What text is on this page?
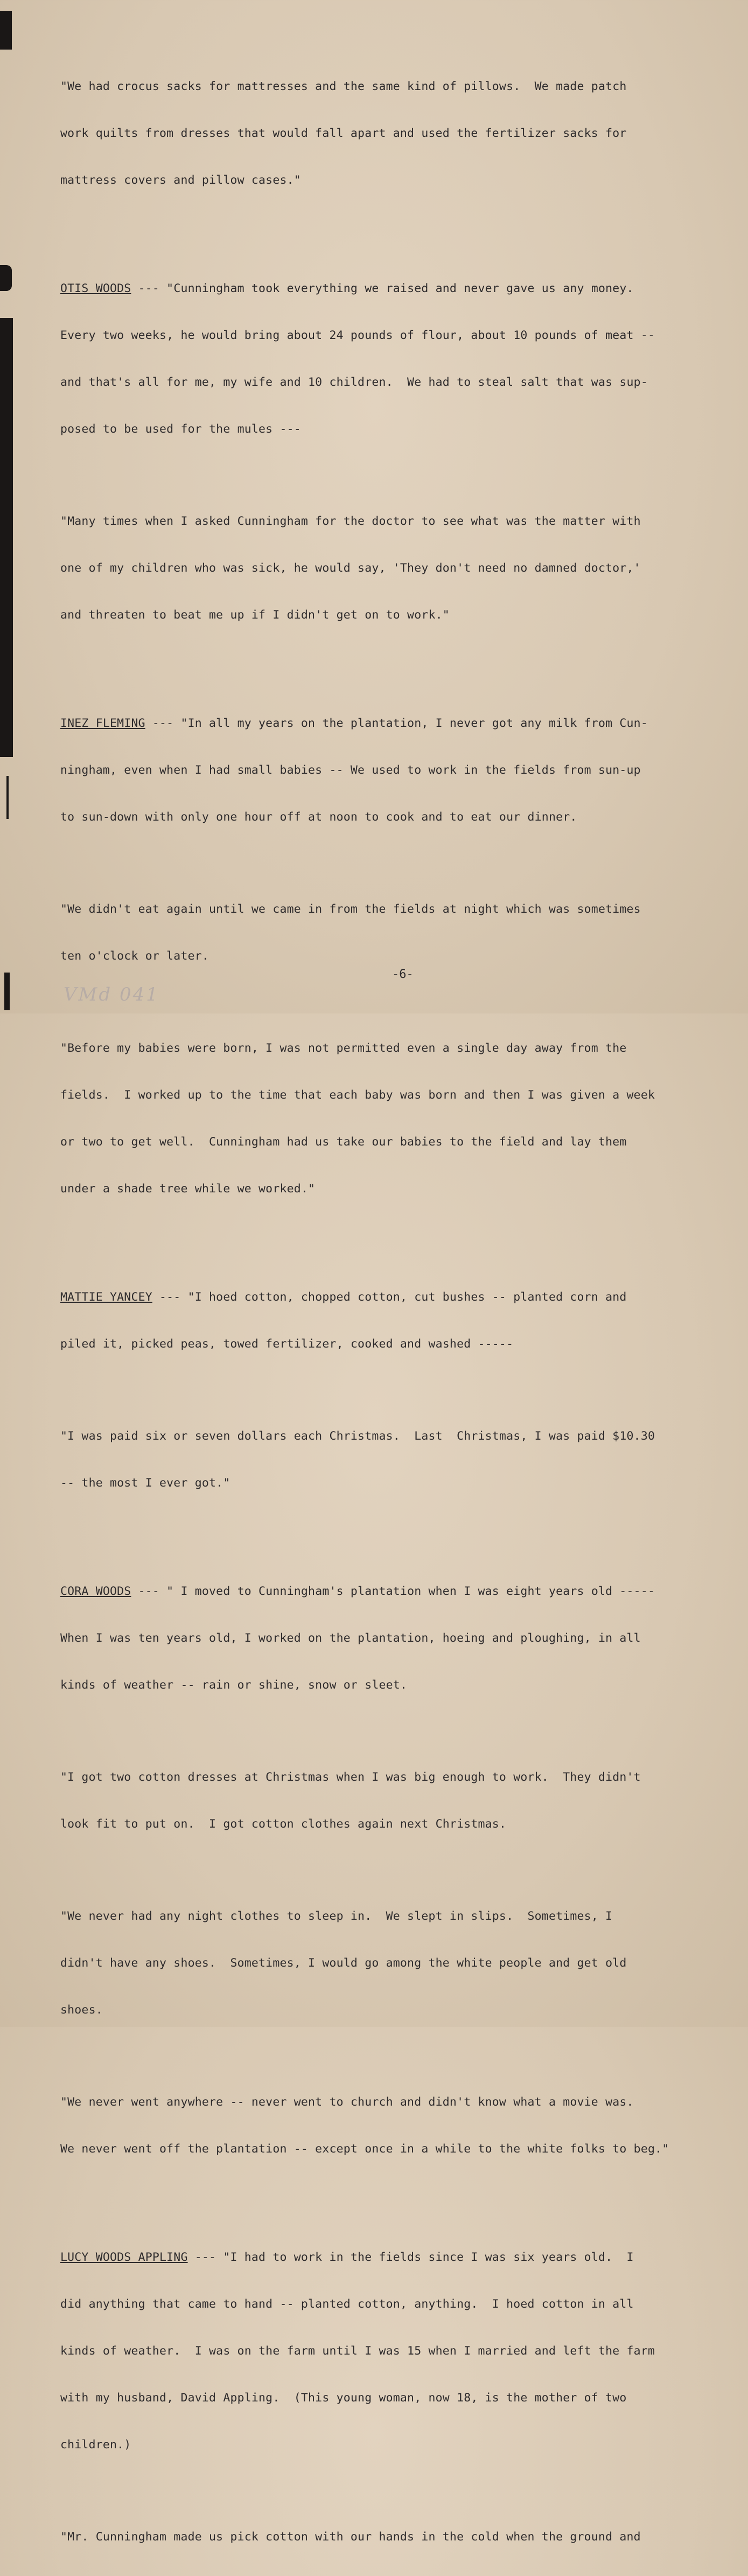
"We had crocus sacks for mattresses and the same kind of pillows.  We made patch

work quilts from dresses that would fall apart and used the fertilizer sacks for

mattress covers and pillow cases."

OTIS WOODS --- "Cunningham took everything we raised and never gave us any money.

Every two weeks, he would bring about 24 pounds of flour, about 10 pounds of meat --

and that's all for me, my wife and 10 children.  We had to steal salt that was sup-

posed to be used for the mules ---

"Many times when I asked Cunningham for the doctor to see what was the matter with

one of my children who was sick, he would say, 'They don't need no damned doctor,'

and threaten to beat me up if I didn't get on to work."

INEZ FLEMING --- "In all my years on the plantation, I never got any milk from Cun-

ningham, even when I had small babies -- We used to work in the fields from sun-up

to sun-down with only one hour off at noon to cook and to eat our dinner.

"We didn't eat again until we came in from the fields at night which was sometimes

ten o'clock or later.

"Before my babies were born, I was not permitted even a single day away from the

fields.  I worked up to the time that each baby was born and then I was given a week

or two to get well.  Cunningham had us take our babies to the field and lay them

under a shade tree while we worked."

MATTIE YANCEY --- "I hoed cotton, chopped cotton, cut bushes -- planted corn and

piled it, picked peas, towed fertilizer, cooked and washed -----

"I was paid six or seven dollars each Christmas.  Last  Christmas, I was paid $10.30

-- the most I ever got."

CORA WOODS --- " I moved to Cunningham's plantation when I was eight years old -----

When I was ten years old, I worked on the plantation, hoeing and ploughing, in all

kinds of weather -- rain or shine, snow or sleet.

"I got two cotton dresses at Christmas when I was big enough to work.  They didn't

look fit to put on.  I got cotton clothes again next Christmas.

"We never had any night clothes to sleep in.  We slept in slips.  Sometimes, I

didn't have any shoes.  Sometimes, I would go among the white people and get old

shoes.

"We never went anywhere -- never went to church and didn't know what a movie was.

We never went off the plantation -- except once in a while to the white folks to beg."

LUCY WOODS APPLING --- "I had to work in the fields since I was six years old.  I

did anything that came to hand -- planted cotton, anything.  I hoed cotton in all

kinds of weather.  I was on the farm until I was 15 when I married and left the farm

with my husband, David Appling.  (This young woman, now 18, is the mother of two

children.)

"Mr. Cunningham made us pick cotton with our hands in the cold when the ground and

-6-
VMd 041
